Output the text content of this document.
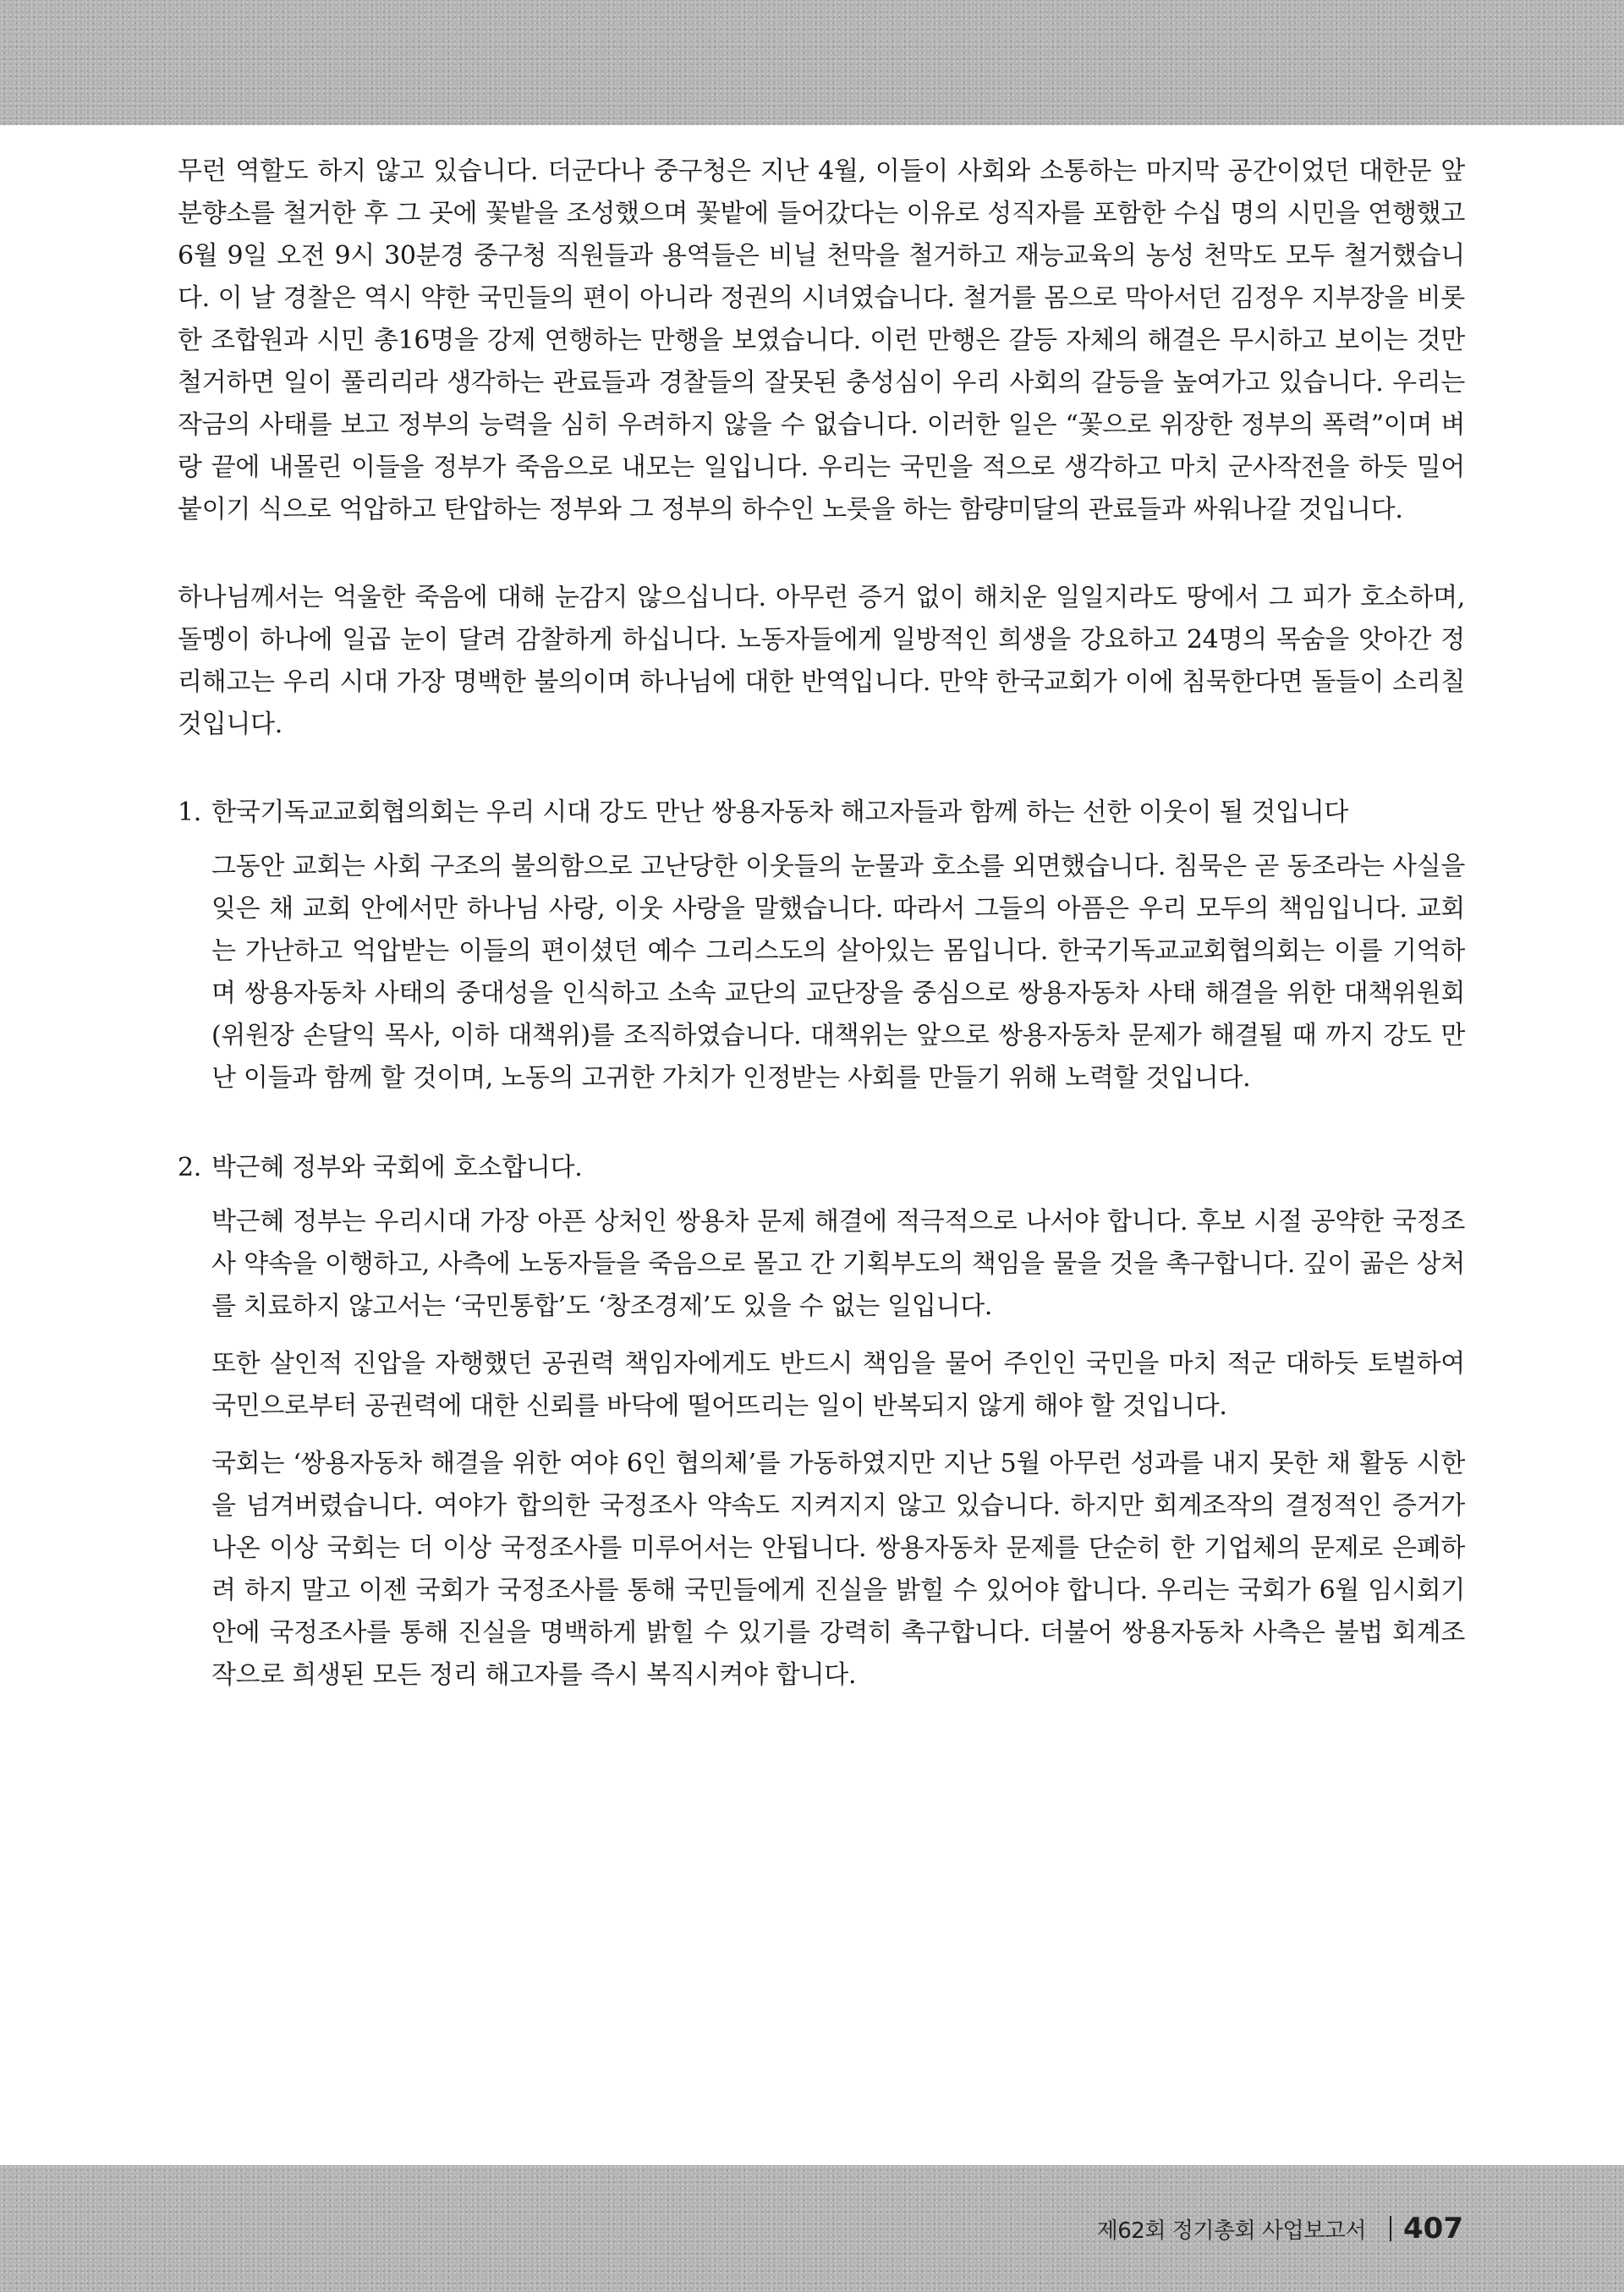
무런 역할도 하지 않고 있습니다. 더군다나 중구청은 지난 4월, 이들이 사회와 소통하는 마지막 공간이었던 대한문 앞 분향소를 철거한 후 그 곳에 꽃밭을 조성했으며 꽃밭에 들어갔다는 이유로 성직자를 포함한 수십 명의 시민을 연행했고 6월 9일 오전 9시 30분경 중구청 직원들과 용역들은 비닐 천막을 철거하고 재능교육의 농성 천막도 모두 철거했습니다. 이 날 경찰은 역시 약한 국민들의 편이 아니라 정권의 시녀였습니다. 철거를 몸으로 막아서던 김정우 지부장을 비롯한 조합원과 시민 총16명을 강제 연행하는 만행을 보였습니다. 이런 만행은 갈등 자체의 해결은 무시하고 보이는 것만 철거하면 일이 풀리리라 생각하는 관료들과 경찰들의 잘못된 충성심이 우리 사회의 갈등을 높여가고 있습니다. 우리는 작금의 사태를 보고 정부의 능력을 심히 우려하지 않을 수 없습니다. 이러한 일은 “꽃으로 위장한 정부의 폭력”이며 벼랑 끝에 내몰린 이들을 정부가 죽음으로 내모는 일입니다. 우리는 국민을 적으로 생각하고 마치 군사작전을 하듯 밀어 붙이기 식으로 억압하고 탄압하는 정부와 그 정부의 하수인 노릇을 하는 함량미달의 관료들과 싸워나갈 것입니다.

하나님께서는 억울한 죽음에 대해 눈감지 않으십니다. 아무런 증거 없이 해치운 일일지라도 땅에서 그 피가 호소하며, 돌멩이 하나에 일곱 눈이 달려 감찰하게 하십니다. 노동자들에게 일방적인 희생을 강요하고 24명의 목숨을 앗아간 정리해고는 우리 시대 가장 명백한 불의이며 하나님에 대한 반역입니다. 만약 한국교회가 이에 침묵한다면 돌들이 소리칠 것입니다.

1. 한국기독교교회협의회는 우리 시대 강도 만난 쌍용자동차 해고자들과 함께 하는 선한 이웃이 될 것입니다

그동안 교회는 사회 구조의 불의함으로 고난당한 이웃들의 눈물과 호소를 외면했습니다. 침묵은 곧 동조라는 사실을 잊은 채 교회 안에서만 하나님 사랑, 이웃 사랑을 말했습니다. 따라서 그들의 아픔은 우리 모두의 책임입니다. 교회는 가난하고 억압받는 이들의 편이셨던 예수 그리스도의 살아있는 몸입니다. 한국기독교교회협의회는 이를 기억하며 쌍용자동차 사태의 중대성을 인식하고 소속 교단의 교단장을 중심으로 쌍용자동차 사태 해결을 위한 대책위원회(위원장 손달익 목사, 이하 대책위)를 조직하였습니다. 대책위는 앞으로 쌍용자동차 문제가 해결될 때 까지 강도 만난 이들과 함께 할 것이며, 노동의 고귀한 가치가 인정받는 사회를 만들기 위해 노력할 것입니다.

2. 박근혜 정부와 국회에 호소합니다.

박근혜 정부는 우리시대 가장 아픈 상처인 쌍용차 문제 해결에 적극적으로 나서야 합니다. 후보 시절 공약한 국정조사 약속을 이행하고, 사측에 노동자들을 죽음으로 몰고 간 기획부도의 책임을 물을 것을 촉구합니다. 깊이 곪은 상처를 치료하지 않고서는 ‘국민통합’도 ‘창조경제’도 있을 수 없는 일입니다.

또한 살인적 진압을 자행했던 공권력 책임자에게도 반드시 책임을 물어 주인인 국민을 마치 적군 대하듯 토벌하여 국민으로부터 공권력에 대한 신뢰를 바닥에 떨어뜨리는 일이 반복되지 않게 해야 할 것입니다.

국회는 ‘쌍용자동차 해결을 위한 여야 6인 협의체’를 가동하였지만 지난 5월 아무런 성과를 내지 못한 채 활동 시한을 넘겨버렸습니다. 여야가 합의한 국정조사 약속도 지켜지지 않고 있습니다. 하지만 회계조작의 결정적인 증거가 나온 이상 국회는 더 이상 국정조사를 미루어서는 안됩니다. 쌍용자동차 문제를 단순히 한 기업체의 문제로 은폐하려 하지 말고 이젠 국회가 국정조사를 통해 국민들에게 진실을 밝힐 수 있어야 합니다. 우리는 국회가 6월 임시회기 안에 국정조사를 통해 진실을 명백하게 밝힐 수 있기를 강력히 촉구합니다. 더불어 쌍용자동차 사측은 불법 회계조작으로 희생된 모든 정리 해고자를 즉시 복직시켜야 합니다.

제62회 정기총회 사업보고서 407
